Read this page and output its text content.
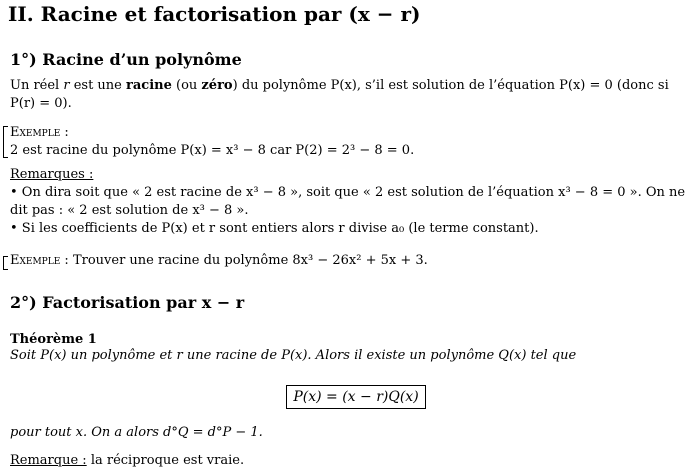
II. Racine et factorisation par (x − r)
1°) Racine d’un polynôme
Un réel r est une racine (ou zéro) du polynôme P(x), s’il est solution de l’équation P(x) = 0 (donc si
P(r) = 0).
Exemple :
2 est racine du polynôme P(x) = x³ − 8 car P(2) = 2³ − 8 = 0.
Remarques :
• On dira soit que « 2 est racine de x³ − 8 », soit que « 2 est solution de l’équation x³ − 8 = 0 ». On ne
dit pas : « 2 est solution de x³ − 8 ».
• Si les coefficients de P(x) et r sont entiers alors r divise a₀ (le terme constant).
Exemple : Trouver une racine du polynôme 8x³ − 26x² + 5x + 3.
2°) Factorisation par x − r
Théorème 1
Soit P(x) un polynôme et r une racine de P(x). Alors il existe un polynôme Q(x) tel que
P(x) = (x − r)Q(x)
pour tout x. On a alors d°Q = d°P − 1.
Remarque : la réciproque est vraie.
